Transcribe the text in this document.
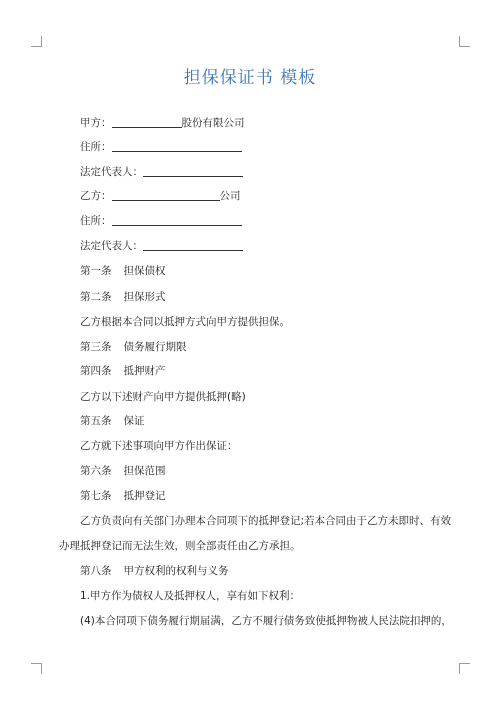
担保保证书 模板
甲方：	股份有限公司
住所：
法定代表人：
乙方：	公司
住所：
法定代表人：
第一条 担保债权
第二条 担保形式
乙方根据本合同以抵押方式向甲方提供担保。
第三条 债务履行期限
第四条 抵押财产
乙方以下述财产向甲方提供抵押(略)
第五条 保证
乙方就下述事项向甲方作出保证：
第六条 担保范围
第七条 抵押登记
乙方负责向有关部门办理本合同项下的抵押登记;若本合同由于乙方未即时、有效
办理抵押登记而无法生效，则全部责任由乙方承担。
第八条 甲方权利的权利与义务
1.甲方作为债权人及抵押权人，享有如下权利：
(4)本合同项下债务履行期届满，乙方不履行债务致使抵押物被人民法院扣押的，
